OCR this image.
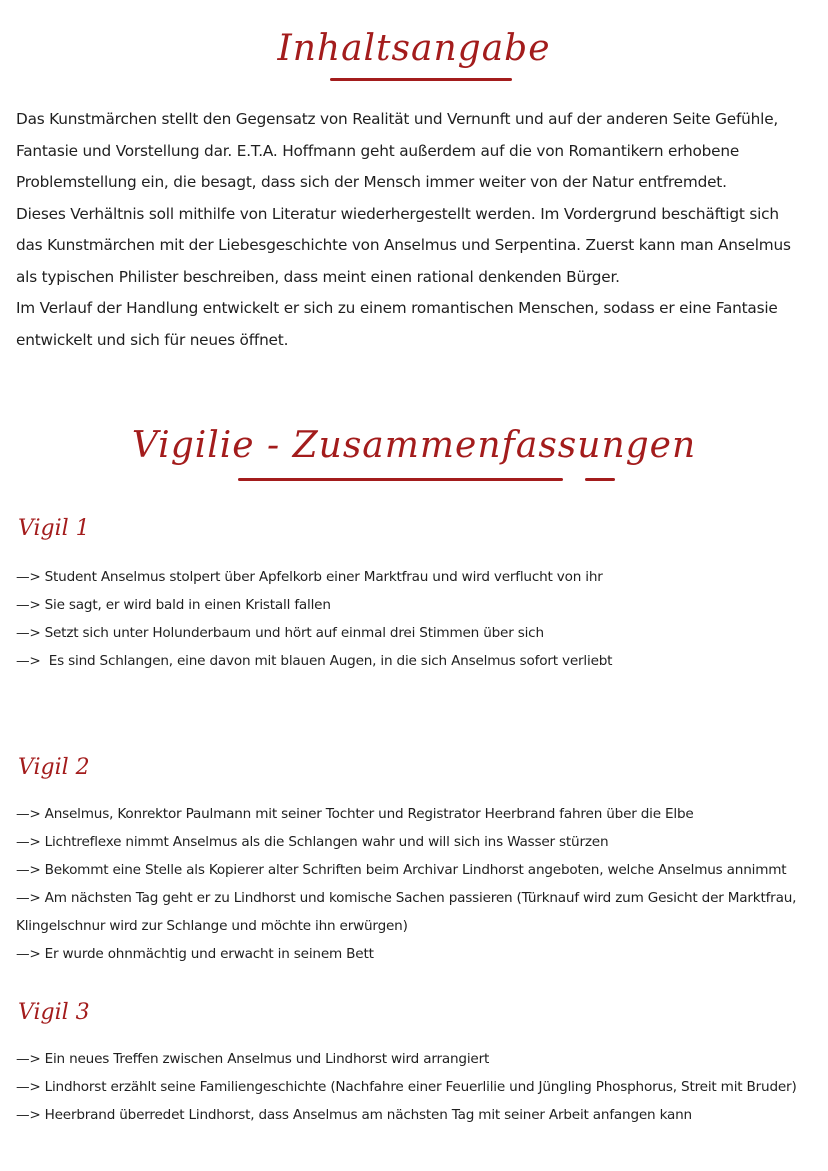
Inhaltsangabe

Das Kunstmärchen stellt den Gegensatz von Realität und Vernunft und auf der anderen Seite Gefühle, Fantasie und Vorstellung dar. E.T.A. Hoffmann geht außerdem auf die von Romantikern erhobene Problemstellung ein, die besagt, dass sich der Mensch immer weiter von der Natur entfremdet.

Dieses Verhältnis soll mithilfe von Literatur wiederhergestellt werden. Im Vordergrund beschäftigt sich das Kunstmärchen mit der Liebesgeschichte von Anselmus und Serpentina. Zuerst kann man Anselmus als typischen Philister beschreiben, dass meint einen rational denkenden Bürger.

Im Verlauf der Handlung entwickelt er sich zu einem romantischen Menschen, sodass er eine Fantasie entwickelt und sich für neues öffnet.

Vigilie - Zusammenfassungen
Vigil 1

—> Student Anselmus stolpert über Apfelkorb einer Marktfrau und wird verflucht von ihr

—> Sie sagt, er wird bald in einen Kristall fallen

—> Setzt sich unter Holunderbaum und hört auf einmal drei Stimmen über sich

—> Es sind Schlangen, eine davon mit blauen Augen, in die sich Anselmus sofort verliebt

Vigil 2

—> Anselmus, Konrektor Paulmann mit seiner Tochter und Registrator Heerbrand fahren über die Elbe

—> Lichtreflexe nimmt Anselmus als die Schlangen wahr und will sich ins Wasser stürzen

—> Bekommt eine Stelle als Kopierer alter Schriften beim Archivar Lindhorst angeboten, welche Anselmus annimmt

—> Am nächsten Tag geht er zu Lindhorst und komische Sachen passieren (Türknauf wird zum Gesicht der Marktfrau, Klingelschnur wird zur Schlange und möchte ihn erwürgen)

—> Er wurde ohnmächtig und erwacht in seinem Bett

Vigil 3

—> Ein neues Treffen zwischen Anselmus und Lindhorst wird arrangiert

—> Lindhorst erzählt seine Familiengeschichte (Nachfahre einer Feuerlilie und Jüngling Phosphorus, Streit mit Bruder)

—> Heerbrand überredet Lindhorst, dass Anselmus am nächsten Tag mit seiner Arbeit anfangen kann
